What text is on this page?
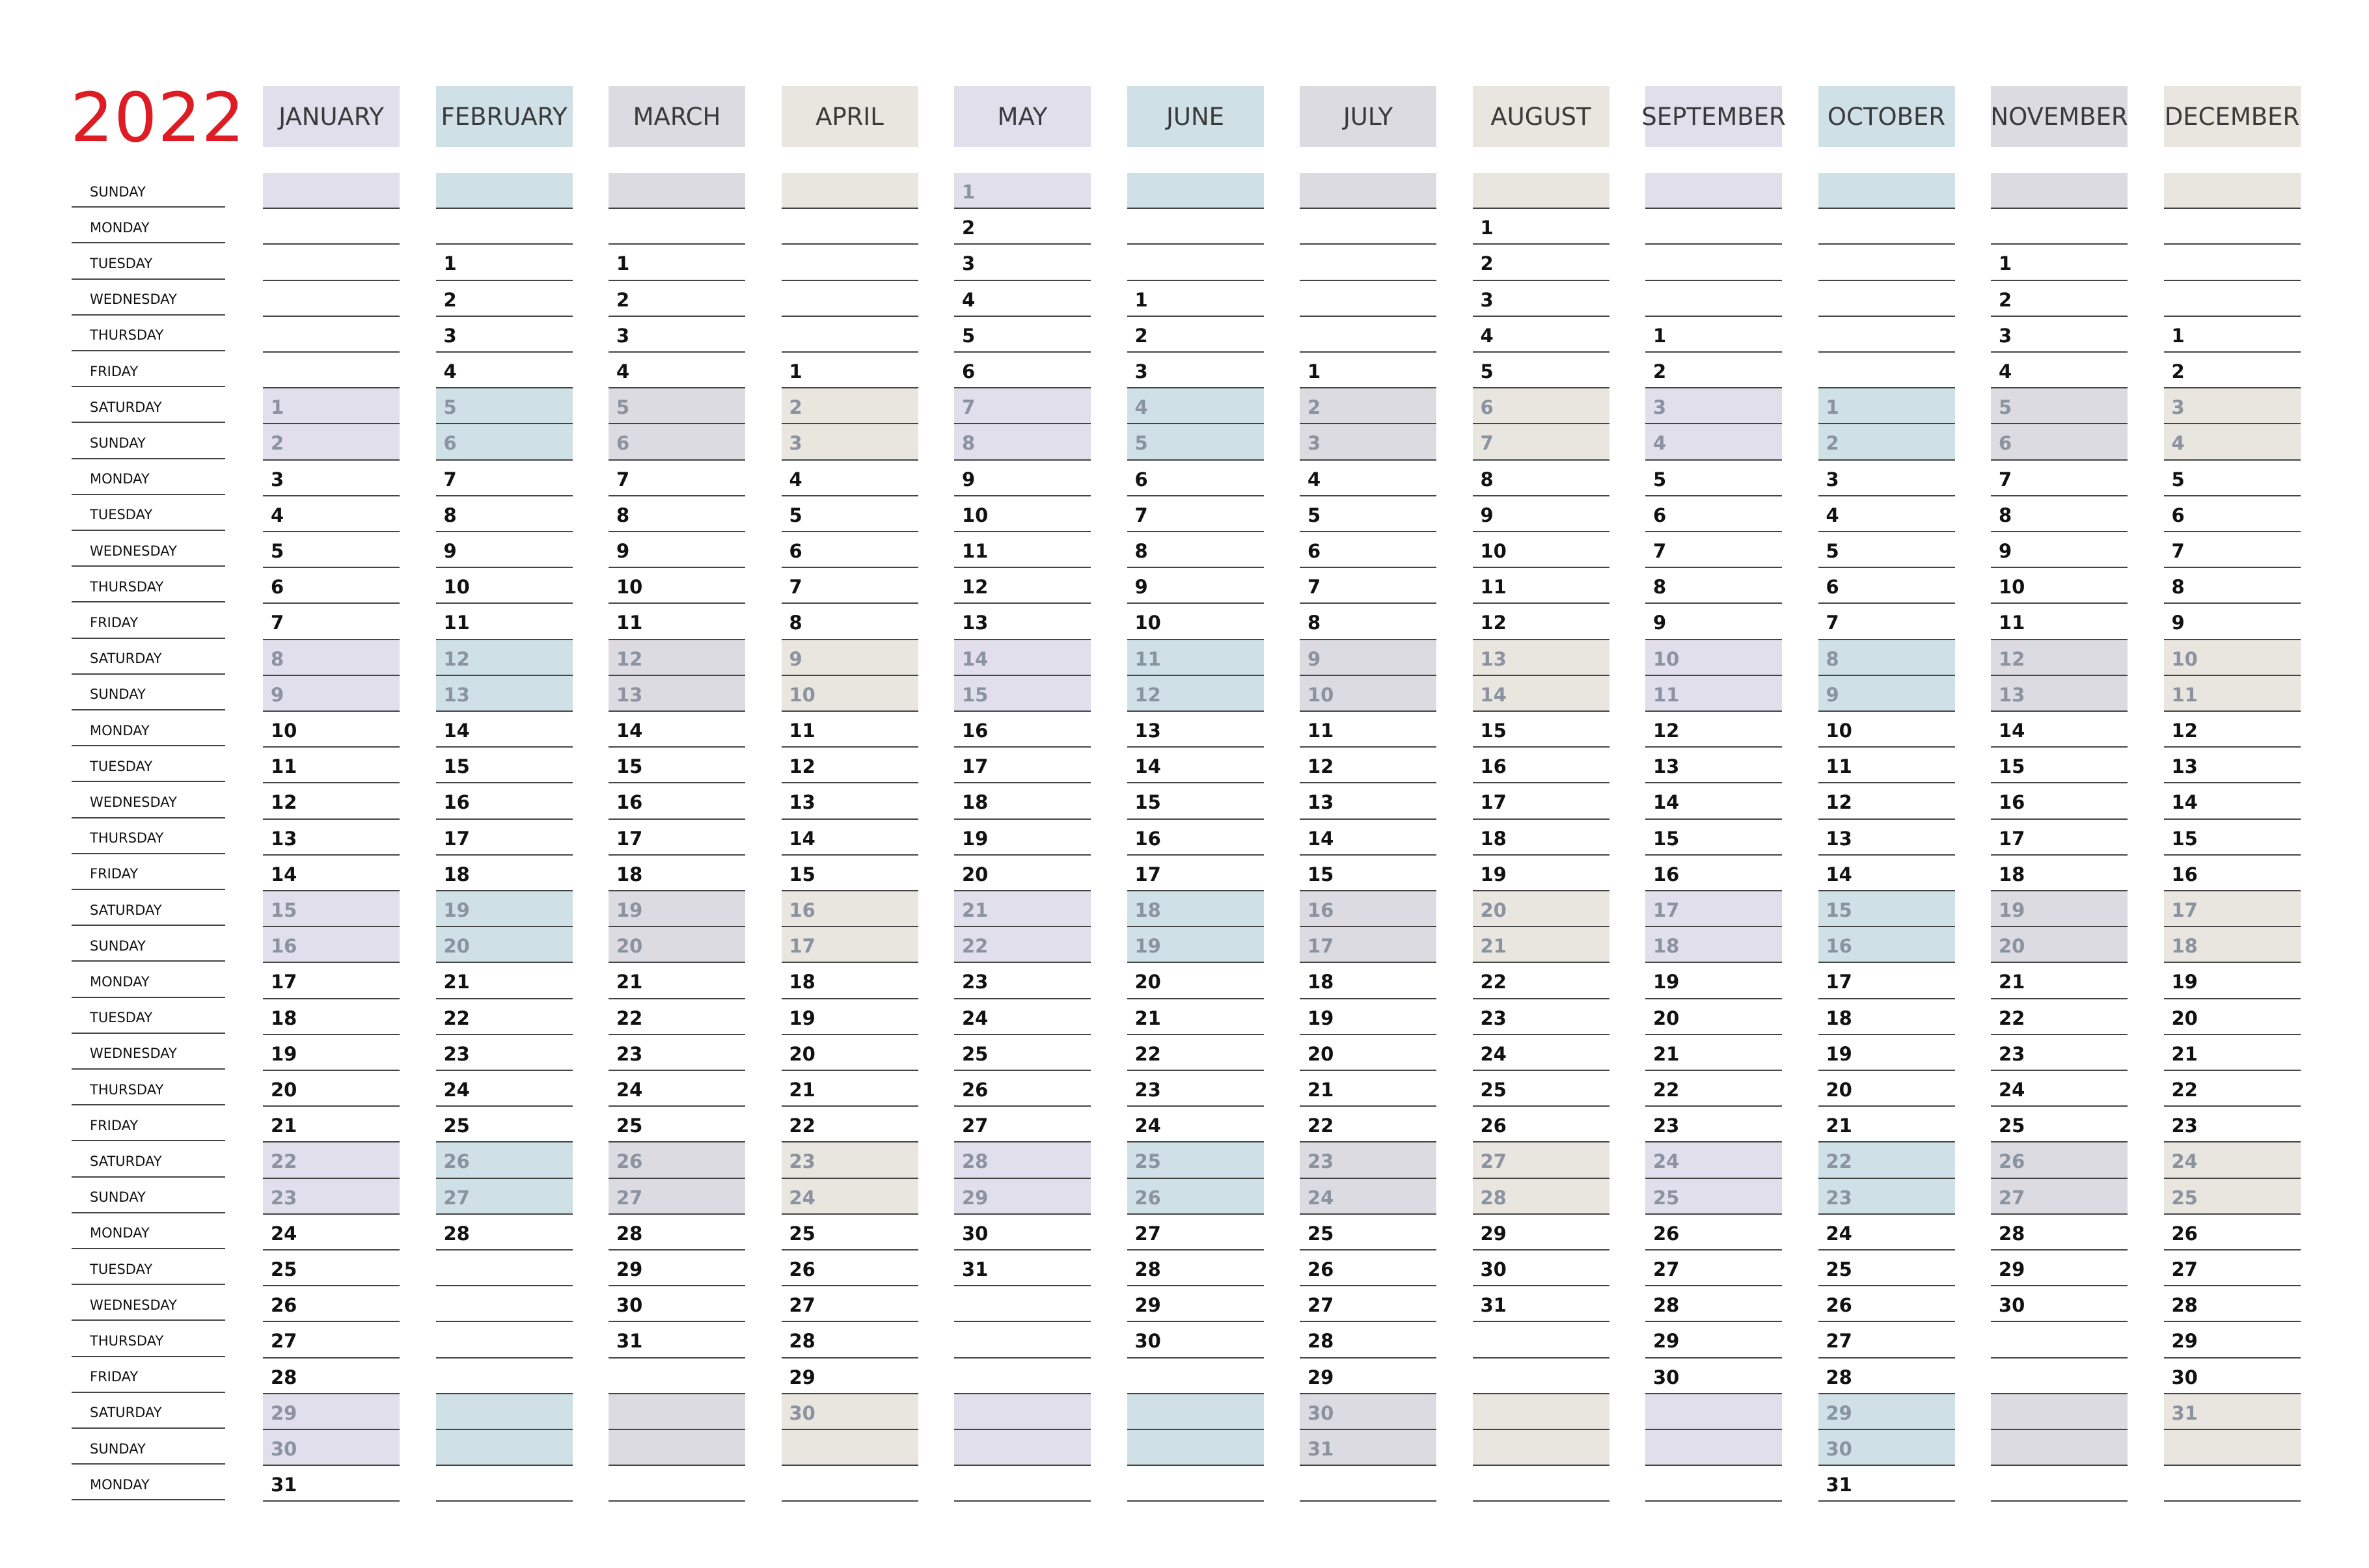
2022
SUNDAY
MONDAY
TUESDAY
WEDNESDAY
THURSDAY
FRIDAY
SATURDAY
SUNDAY
MONDAY
TUESDAY
WEDNESDAY
THURSDAY
FRIDAY
SATURDAY
SUNDAY
MONDAY
TUESDAY
WEDNESDAY
THURSDAY
FRIDAY
SATURDAY
SUNDAY
MONDAY
TUESDAY
WEDNESDAY
THURSDAY
FRIDAY
SATURDAY
SUNDAY
MONDAY
TUESDAY
WEDNESDAY
THURSDAY
FRIDAY
SATURDAY
SUNDAY
MONDAY
JANUARY
1
2
3
4
5
6
7
8
9
10
11
12
13
14
15
16
17
18
19
20
21
22
23
24
25
26
27
28
29
30
31
FEBRUARY
1
2
3
4
5
6
7
8
9
10
11
12
13
14
15
16
17
18
19
20
21
22
23
24
25
26
27
28
MARCH
1
2
3
4
5
6
7
8
9
10
11
12
13
14
15
16
17
18
19
20
21
22
23
24
25
26
27
28
29
30
31
APRIL
1
2
3
4
5
6
7
8
9
10
11
12
13
14
15
16
17
18
19
20
21
22
23
24
25
26
27
28
29
30
MAY
1
2
3
4
5
6
7
8
9
10
11
12
13
14
15
16
17
18
19
20
21
22
23
24
25
26
27
28
29
30
31
JUNE
1
2
3
4
5
6
7
8
9
10
11
12
13
14
15
16
17
18
19
20
21
22
23
24
25
26
27
28
29
30
JULY
1
2
3
4
5
6
7
8
9
10
11
12
13
14
15
16
17
18
19
20
21
22
23
24
25
26
27
28
29
30
31
AUGUST
1
2
3
4
5
6
7
8
9
10
11
12
13
14
15
16
17
18
19
20
21
22
23
24
25
26
27
28
29
30
31
SEPTEMBER
1
2
3
4
5
6
7
8
9
10
11
12
13
14
15
16
17
18
19
20
21
22
23
24
25
26
27
28
29
30
OCTOBER
1
2
3
4
5
6
7
8
9
10
11
12
13
14
15
16
17
18
19
20
21
22
23
24
25
26
27
28
29
30
31
NOVEMBER
1
2
3
4
5
6
7
8
9
10
11
12
13
14
15
16
17
18
19
20
21
22
23
24
25
26
27
28
29
30
DECEMBER
1
2
3
4
5
6
7
8
9
10
11
12
13
14
15
16
17
18
19
20
21
22
23
24
25
26
27
28
29
30
31
